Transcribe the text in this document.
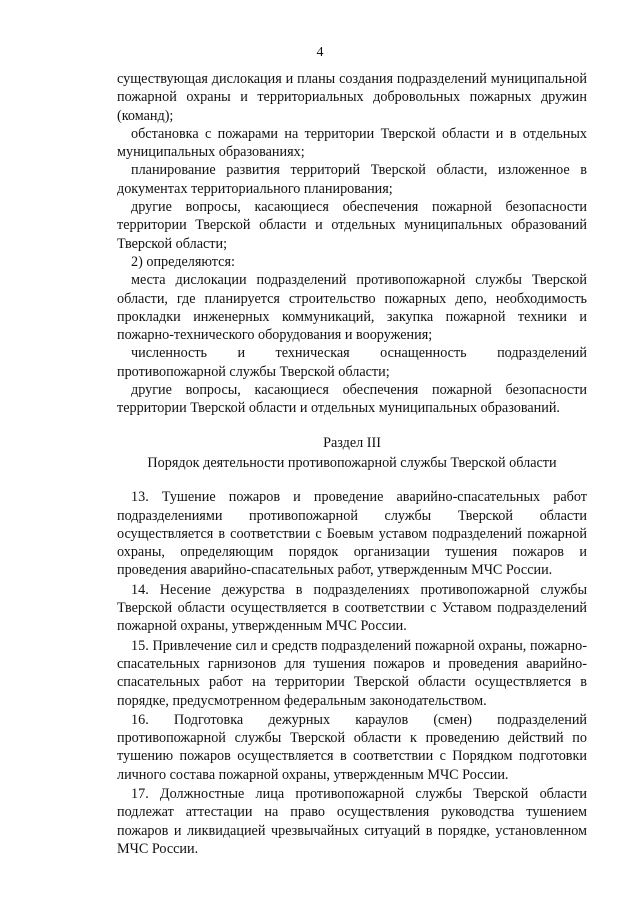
4

существующая дислокация и планы создания подразделений муниципальной пожарной охраны и территориальных добровольных пожарных дружин (команд);

обстановка с пожарами на территории Тверской области и в отдельных муниципальных образованиях;

планирование развития территорий Тверской области, изложенное в документах территориального планирования;

другие вопросы, касающиеся обеспечения пожарной безопасности территории Тверской области и отдельных муниципальных образований Тверской области;

2) определяются:

места дислокации подразделений противопожарной службы Тверской области, где планируется строительство пожарных депо, необходимость прокладки инженерных коммуникаций, закупка пожарной техники и пожарно-технического оборудования и вооружения;

численность и техническая оснащенность подразделений противопожарной службы Тверской области;

другие вопросы, касающиеся обеспечения пожарной безопасности территории Тверской области и отдельных муниципальных образований.

Раздел III

Порядок деятельности противопожарной службы Тверской области

13. Тушение пожаров и проведение аварийно-спасательных работ подразделениями противопожарной службы Тверской области осуществляется в соответствии с Боевым уставом подразделений пожарной охраны, определяющим порядок организации тушения пожаров и проведения аварийно-спасательных работ, утвержденным МЧС России.

14. Несение дежурства в подразделениях противопожарной службы Тверской области осуществляется в соответствии с Уставом подразделений пожарной охраны, утвержденным МЧС России.

15. Привлечение сил и средств подразделений пожарной охраны, пожарно-спасательных гарнизонов для тушения пожаров и проведения аварийно-спасательных работ на территории Тверской области осуществляется в порядке, предусмотренном федеральным законодательством.

16. Подготовка дежурных караулов (смен) подразделений противопожарной службы Тверской области к проведению действий по тушению пожаров осуществляется в соответствии с Порядком подготовки личного состава пожарной охраны, утвержденным МЧС России.

17. Должностные лица противопожарной службы Тверской области подлежат аттестации на право осуществления руководства тушением пожаров и ликвидацией чрезвычайных ситуаций в порядке, установленном МЧС России.
